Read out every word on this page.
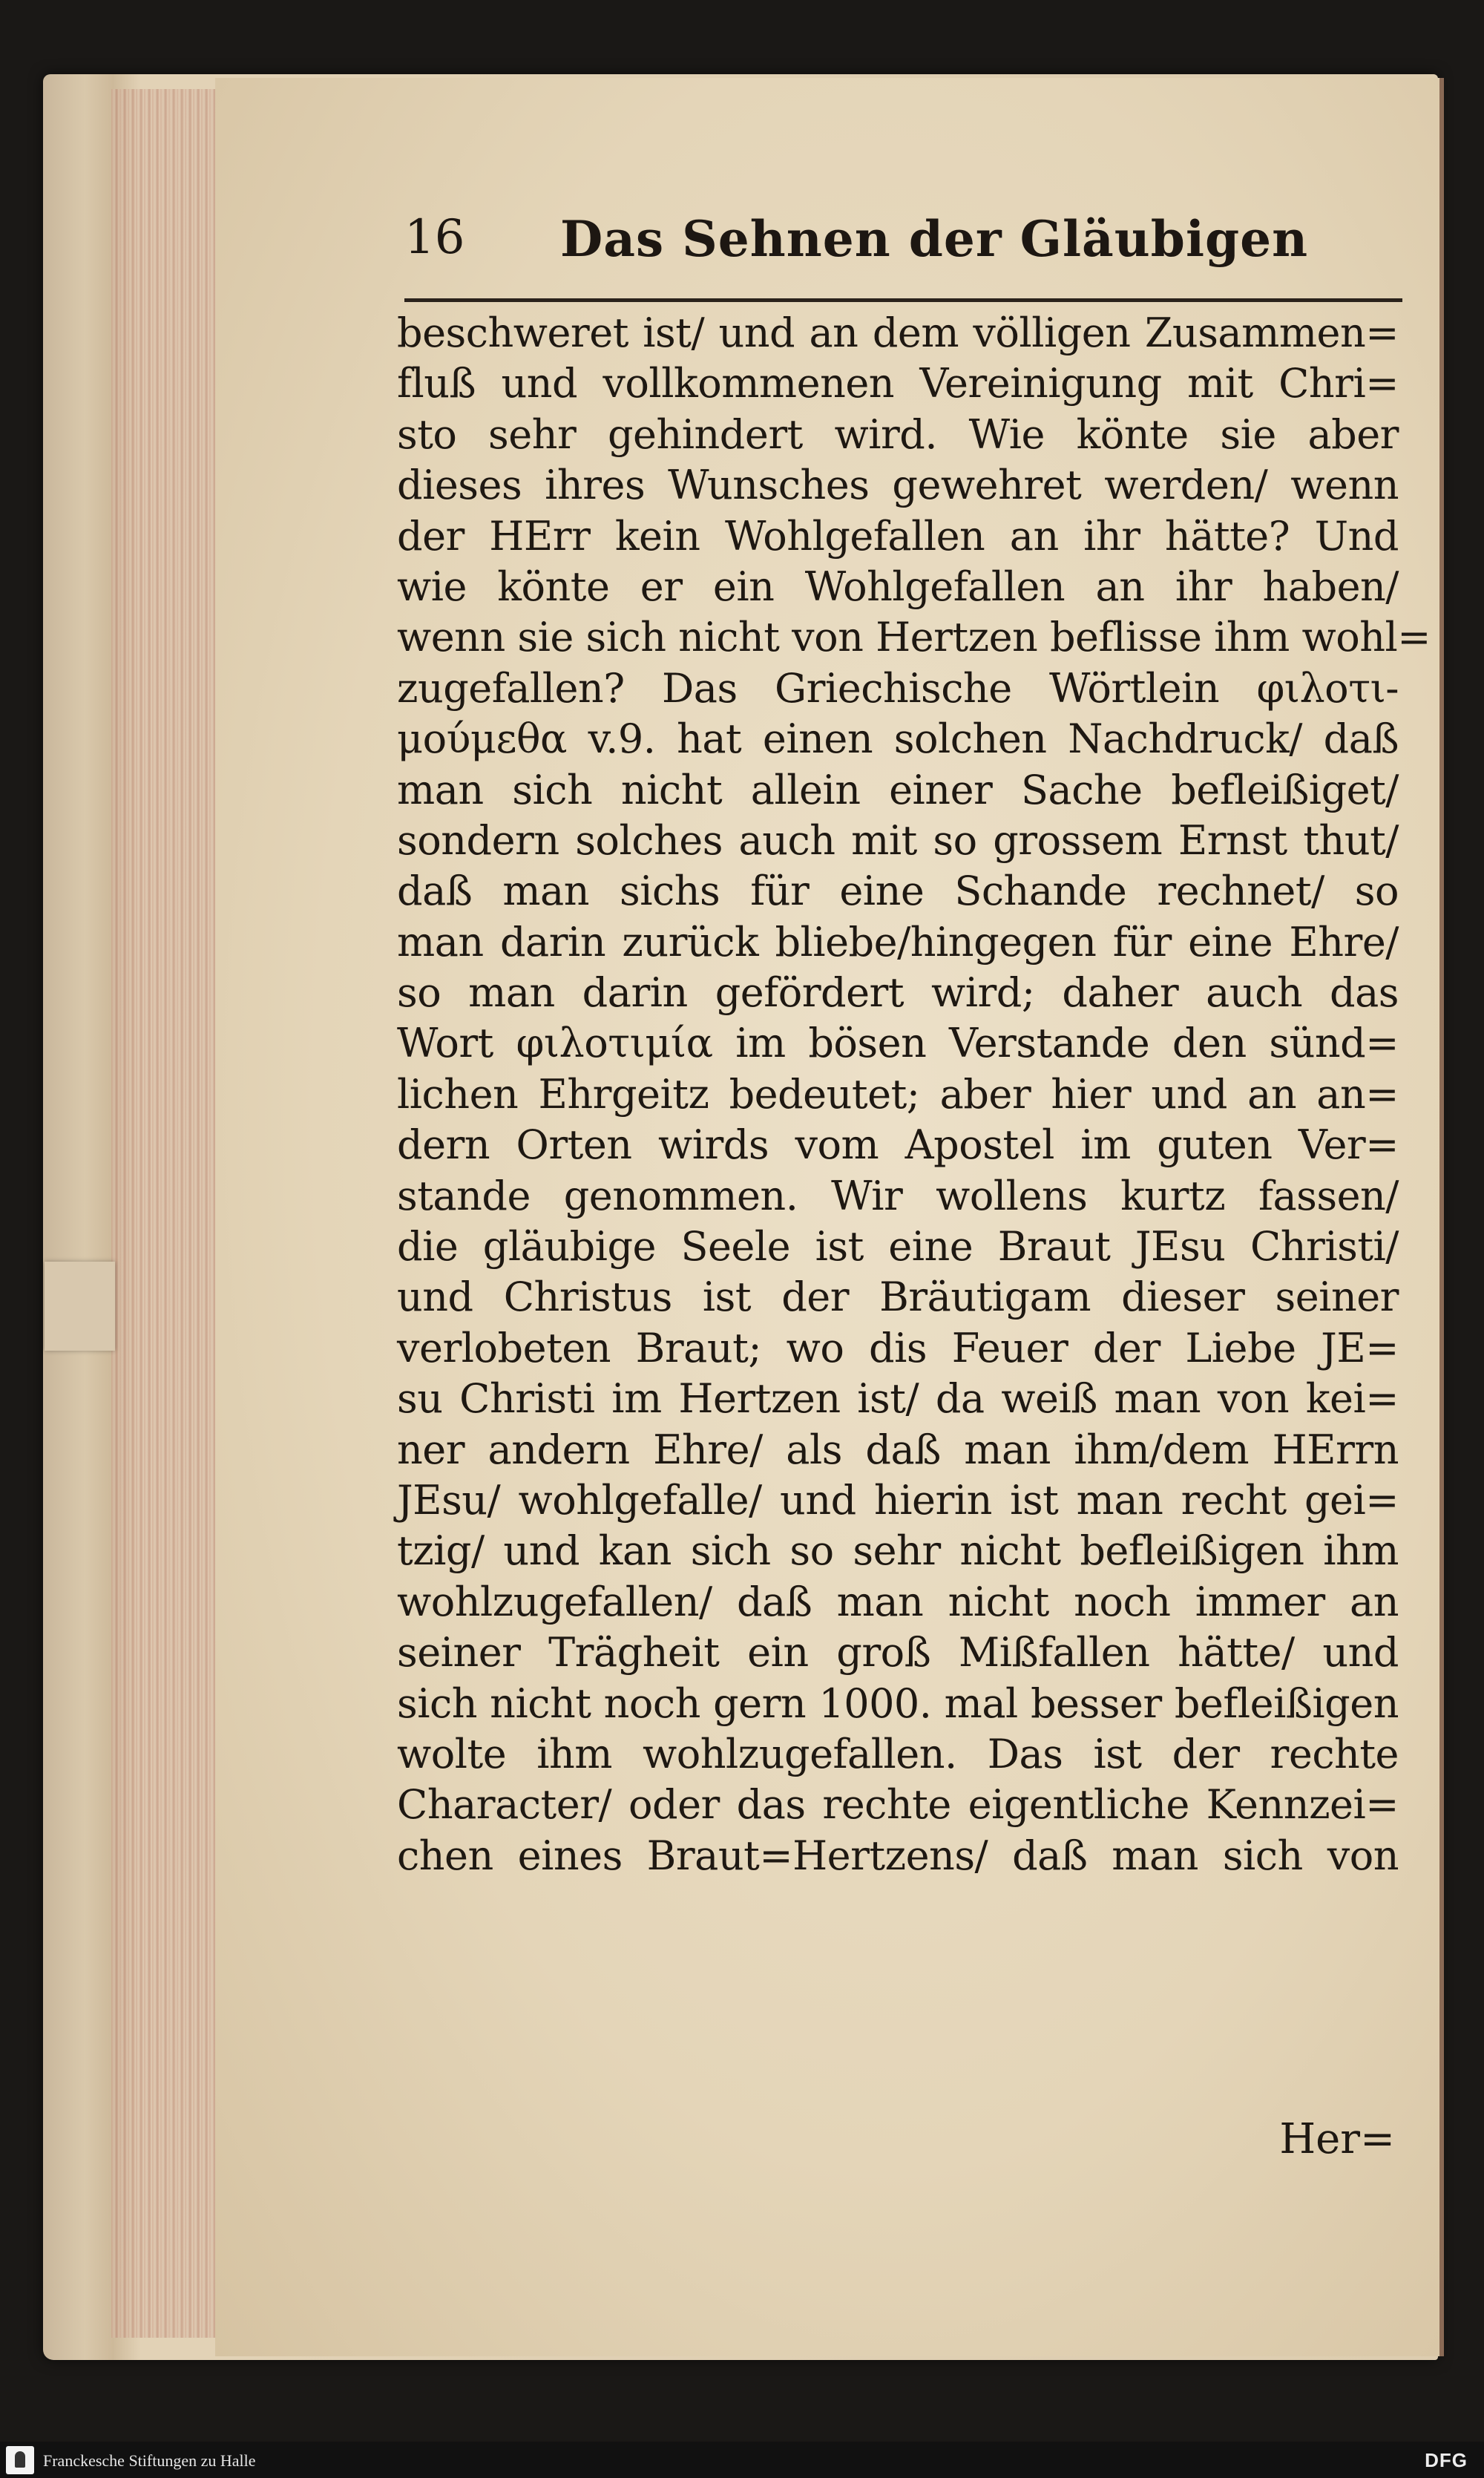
16 Das Sehnen der Gläubigen
beschweret ist/ und an dem völligen Zusammen=
fluß und vollkommenen Vereinigung mit Chri=
sto sehr gehindert wird. Wie könte sie aber
dieses ihres Wunsches gewehret werden/ wenn
der HErr kein Wohlgefallen an ihr hätte? Und
wie könte er ein Wohlgefallen an ihr haben/
wenn sie sich nicht von Hertzen beflisse ihm wohl=
zugefallen? Das Griechische Wörtlein φιλοτι-
μούμεθα v.9. hat einen solchen Nachdruck/ daß
man sich nicht allein einer Sache befleißiget/
sondern solches auch mit so grossem Ernst thut/
daß man sichs für eine Schande rechnet/ so
man darin zurück bliebe/hingegen für eine Ehre/
so man darin gefördert wird; daher auch das
Wort φιλοτιμία im bösen Verstande den sünd=
lichen Ehrgeitz bedeutet; aber hier und an an=
dern Orten wirds vom Apostel im guten Ver=
stande genommen. Wir wollens kurtz fassen/
die gläubige Seele ist eine Braut JEsu Christi/
und Christus ist der Bräutigam dieser seiner
verlobeten Braut; wo dis Feuer der Liebe JE=
su Christi im Hertzen ist/ da weiß man von kei=
ner andern Ehre/ als daß man ihm/dem HErrn
JEsu/ wohlgefalle/ und hierin ist man recht gei=
tzig/ und kan sich so sehr nicht befleißigen ihm
wohlzugefallen/ daß man nicht noch immer an
seiner Trägheit ein groß Mißfallen hätte/ und
sich nicht noch gern 1000. mal besser befleißigen
wolte ihm wohlzugefallen. Das ist der rechte
Character/ oder das rechte eigentliche Kennzei=
chen eines Braut=Hertzens/ daß man sich von
Her=
Franckesche Stiftungen zu Halle	DFG
